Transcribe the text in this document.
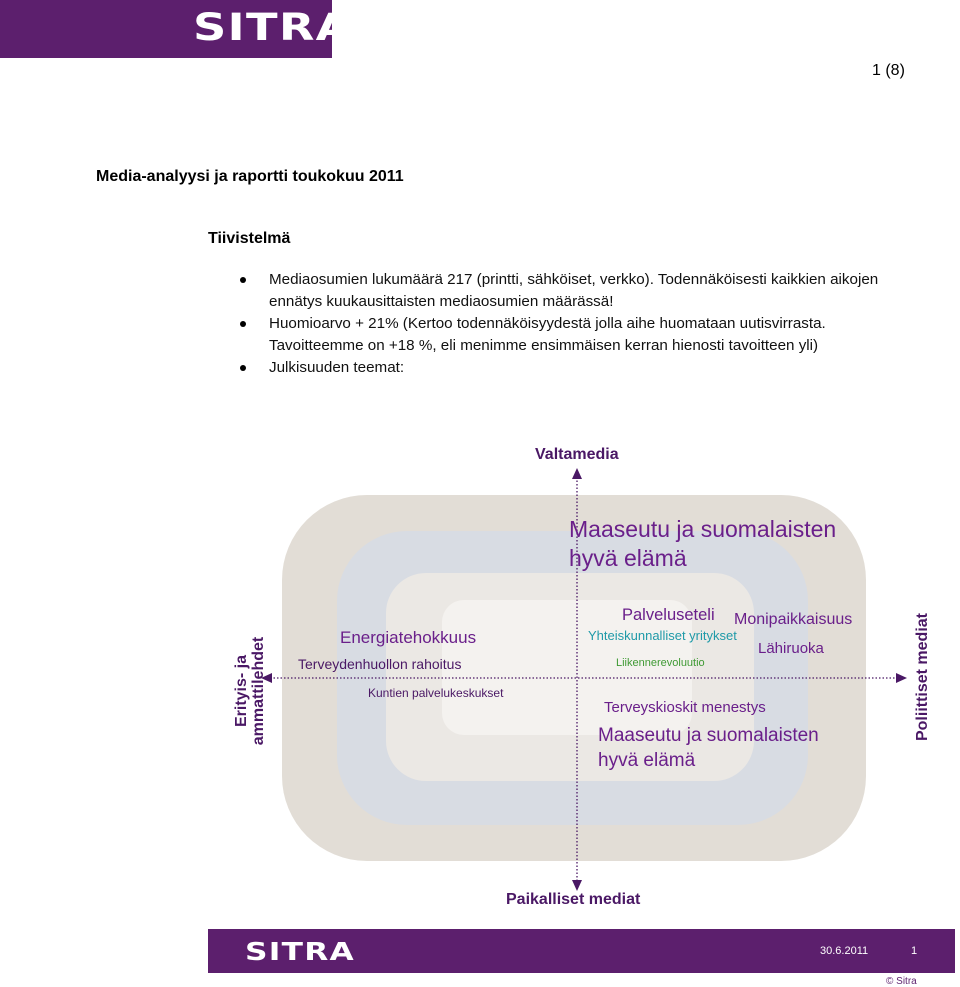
SITRA
1 (8)
Media-analyysi ja raportti toukokuu 2011
Tiivistelmä
Mediaosumien lukumäärä 217 (printti, sähköiset, verkko). Todennäköisesti kaikkien aikojen
ennätys kuukausittaisten mediaosumien määrässä!
Huomioarvo + 21% (Kertoo todennäköisyydestä jolla aihe huomataan uutisvirrasta.
Tavoitteemme on +18 %, eli menimme ensimmäisen kerran hienosti tavoitteen yli)
Julkisuuden teemat:
Valtamedia
Paikalliset mediat
Erityis- ja ammattilehdet	Poliittiset mediat
Maaseutu ja suomalaisten
hyvä elämä
Energiatehokkuus
Terveydenhuollon rahoitus
Kuntien palvelukeskukset
Palveluseteli Monipaikkaisuus
Yhteiskunnalliset yritykset
Lähiruoka
Liikennerevoluutio
Terveyskioskit menestys
Maaseutu ja suomalaisten
hyvä elämä
SITRA	30.6.2011	1
© Sitra
